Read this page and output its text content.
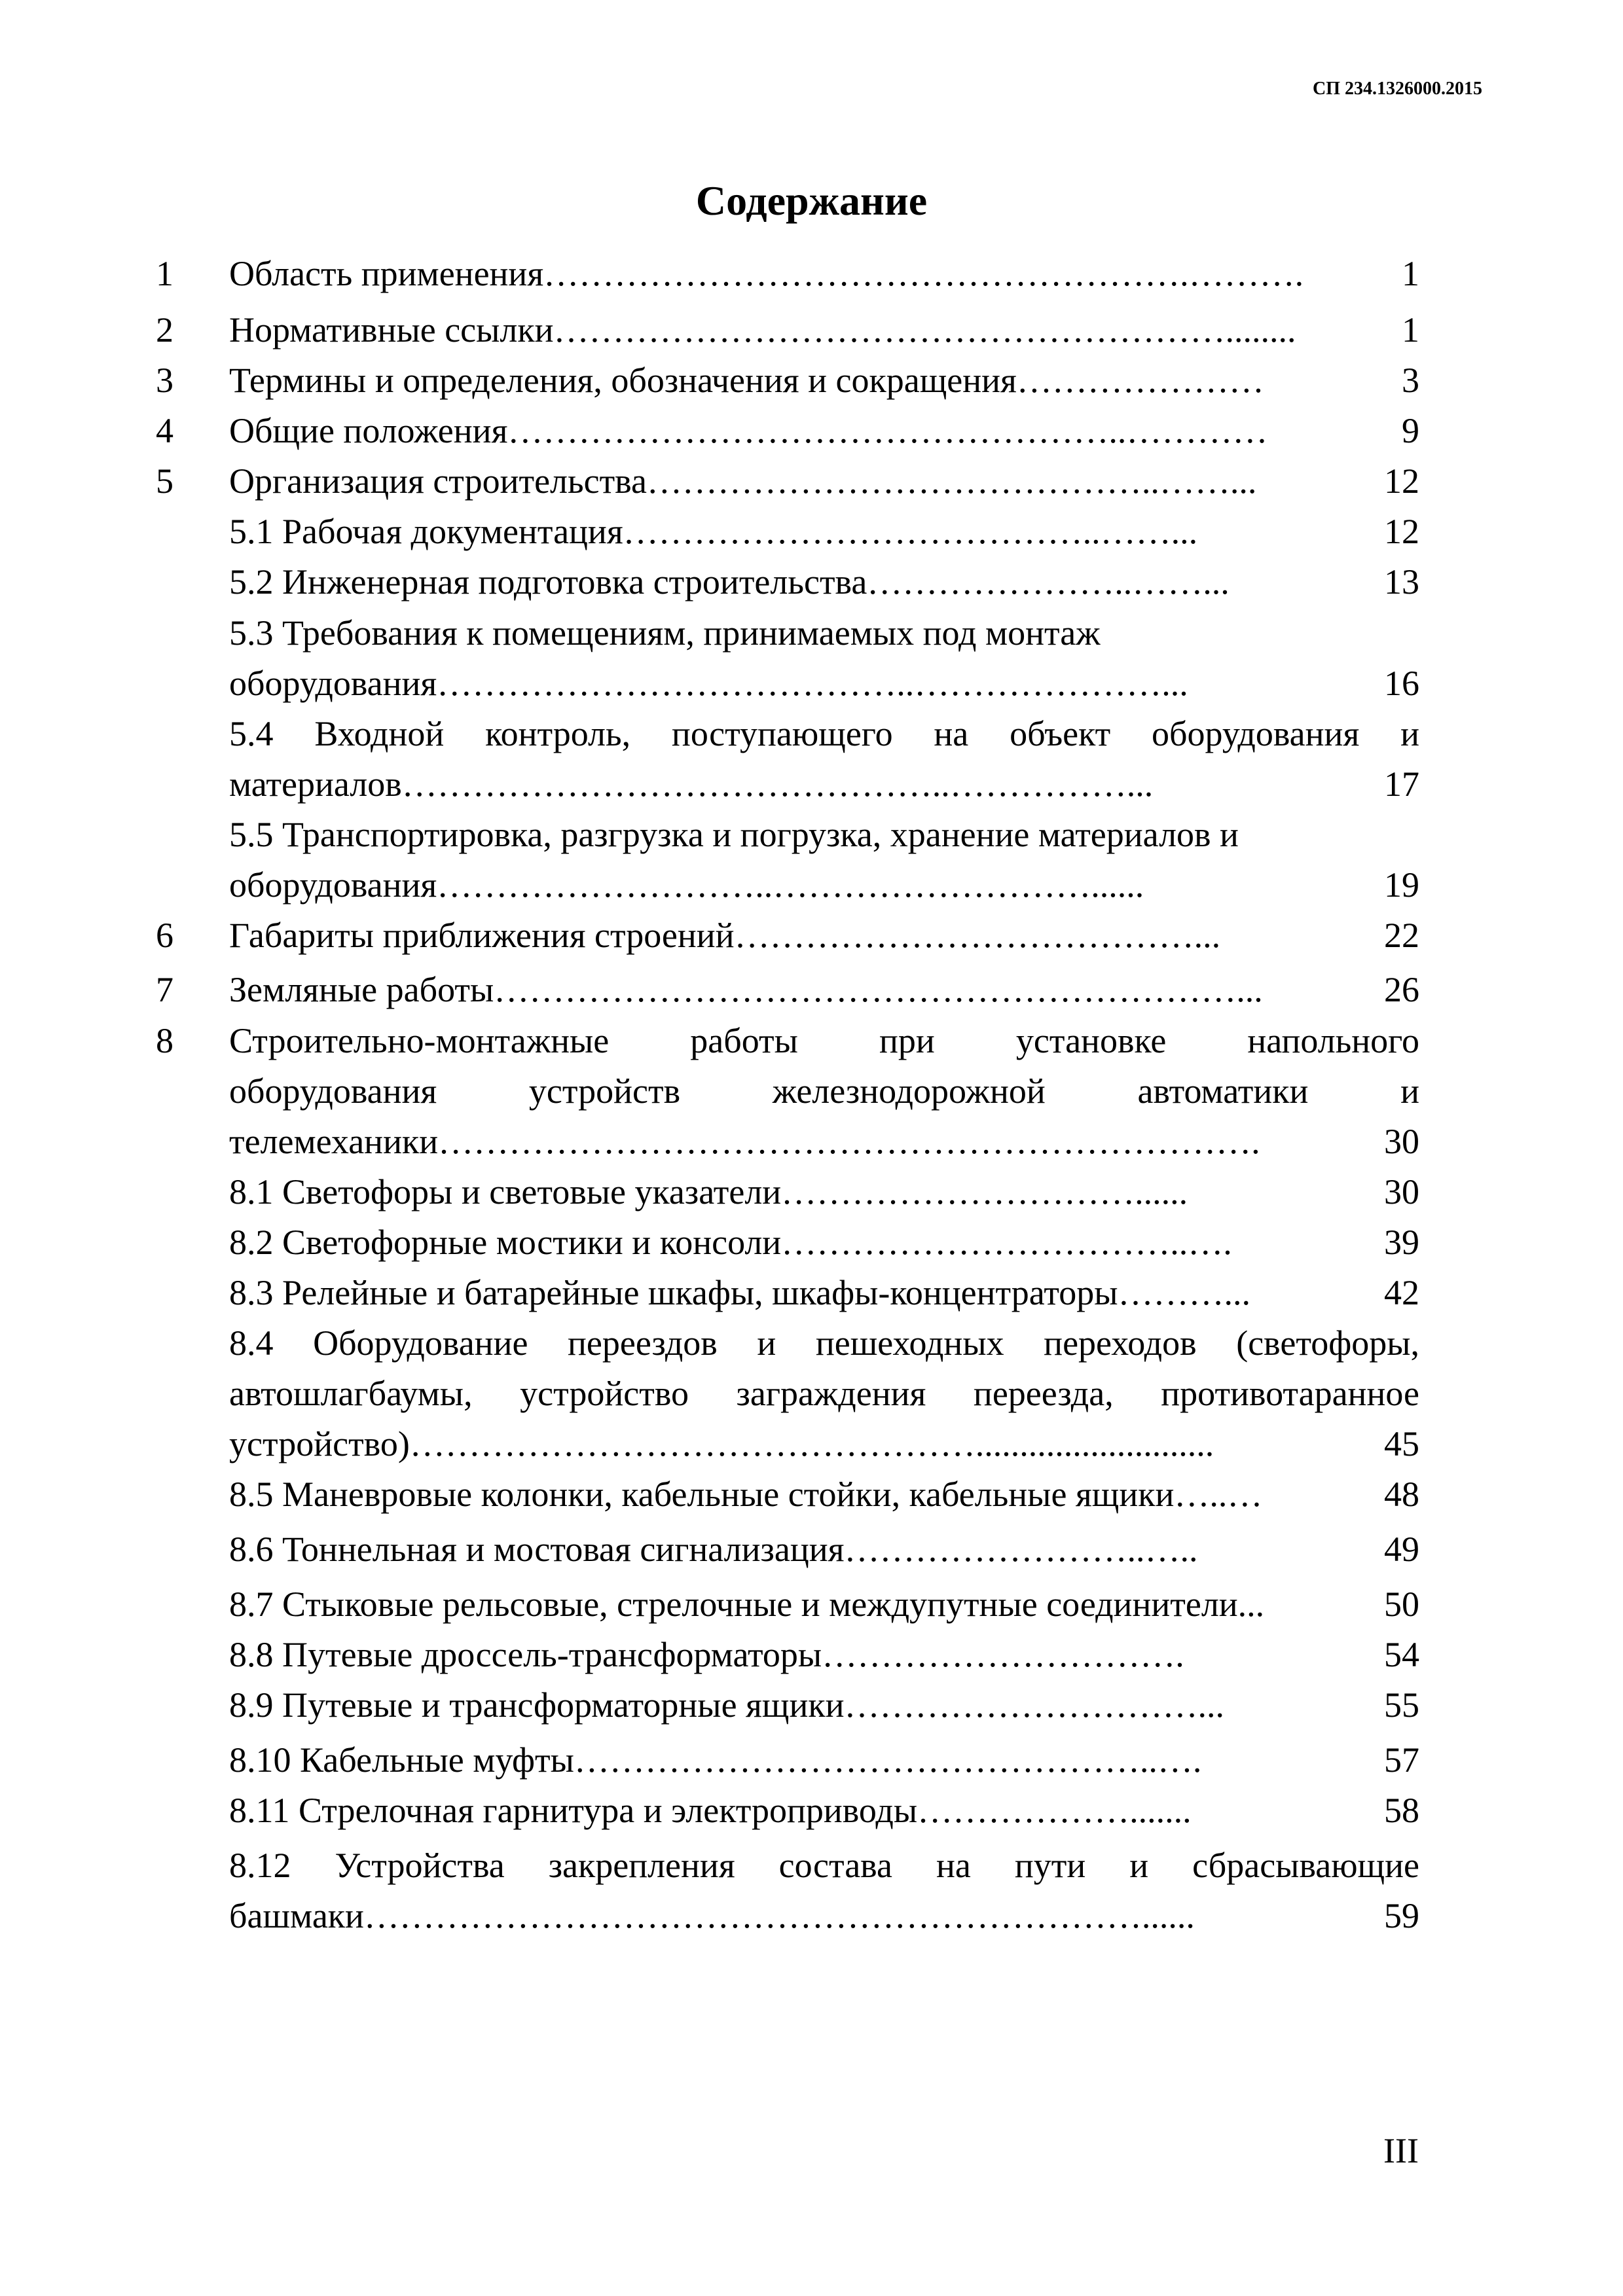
СП 234.1326000.2015
Содержание
1 Область применения……………………………………………….……….	1
2 Нормативные ссылки…………………………………………………........	1
3 Термины и определения, обозначения и сокращения…………………	3
4 Общие положения……………………………………………..…………	9
5 Организация строительства……………………………………..……...	12
5.1 Рабочая документация…………………………………..……...	12
5.2 Инженерная подготовка строительства…………………..……...	13
5.3 Требования к помещениям, принимаемых под монтаж
оборудования…………………………………..…………………...	16
5.4 Входной контроль, поступающего на объект оборудования и
материалов………………………………………..……………...	17
5.5 Транспортировка, разгрузка и погрузка, хранение материалов и
оборудования………………………..………………………......	19
6 Габариты приближения строений…………………………………...	22
7 Земляные работы………………………………………………………...	26
8 Строительно-монтажные работы при установке напольного
оборудования устройств железнодорожной автоматики и
телемеханики…………………………………………………………….	30
8.1 Светофоры и световые указатели…………………………......	30
8.2 Светофорные мостики и консоли……………………………..….	39
8.3 Релейные и батарейные шкафы, шкафы-концентраторы………...	42
8.4 Оборудование переездов и пешеходных переходов (светофоры,
автошлагбаумы, устройство заграждения переезда, противотаранное
устройство)…………………………………………...........................	45
8.5 Маневровые колонки, кабельные стойки, кабельные ящики…..…	48
8.6 Тоннельная и мостовая сигнализация……………………..…..	49
8.7 Стыковые рельсовые, стрелочные и междупутные соединители...	50
8.8 Путевые дроссель-трансформаторы………………………….	54
8.9 Путевые и трансформаторные ящики…………………………...	55
8.10 Кабельные муфты…………………………………………..….	57
8.11 Стрелочная гарнитура и электроприводы……………….......	58
8.12 Устройства закрепления состава на пути и сбрасывающие
башмаки…………………………………………………………......	59
III
